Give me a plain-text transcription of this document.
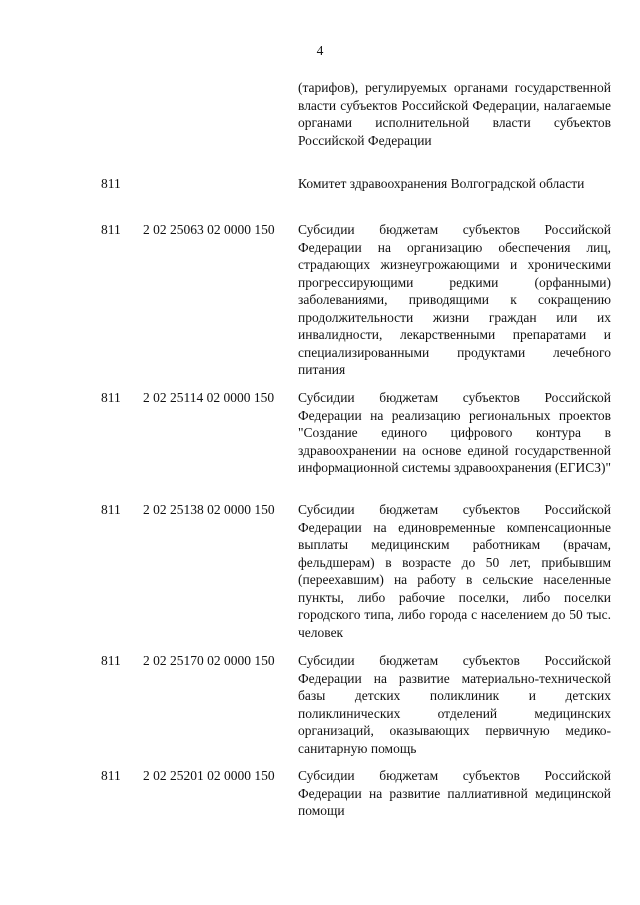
4
(тарифов), регулируемых органами государственной власти субъектов Российской Федерации, налагаемые органами исполнительной власти субъектов Российской Федерации
811	Комитет здравоохранения Волгоградской области
811 2 02 25063 02 0000 150 Субсидии бюджетам субъектов Российской Федерации на организацию обеспечения лиц, страдающих жизнеугрожающими и хроническими прогрессирующими редкими (орфанными) заболеваниями, приводящими к сокращению продолжительности жизни граждан или их инвалидности, лекарственными препаратами и специализированными продуктами лечебного питания
811 2 02 25114 02 0000 150 Субсидии бюджетам субъектов Российской Федерации на реализацию региональных проектов "Создание единого цифрового контура в здравоохранении на основе единой государственной информационной системы здравоохранения (ЕГИСЗ)"
811 2 02 25138 02 0000 150 Субсидии бюджетам субъектов Российской Федерации на единовременные компенсационные выплаты медицинским работникам (врачам, фельдшерам) в возрасте до 50 лет, прибывшим (переехавшим) на работу в сельские населенные пункты, либо рабочие поселки, либо поселки городского типа, либо города с населением до 50 тыс. человек
811 2 02 25170 02 0000 150 Субсидии бюджетам субъектов Российской Федерации на развитие материально-технической базы детских поликлиник и детских поликлинических отделений медицинских организаций, оказывающих первичную медико-санитарную помощь
811 2 02 25201 02 0000 150 Субсидии бюджетам субъектов Российской Федерации на развитие паллиативной медицинской помощи
